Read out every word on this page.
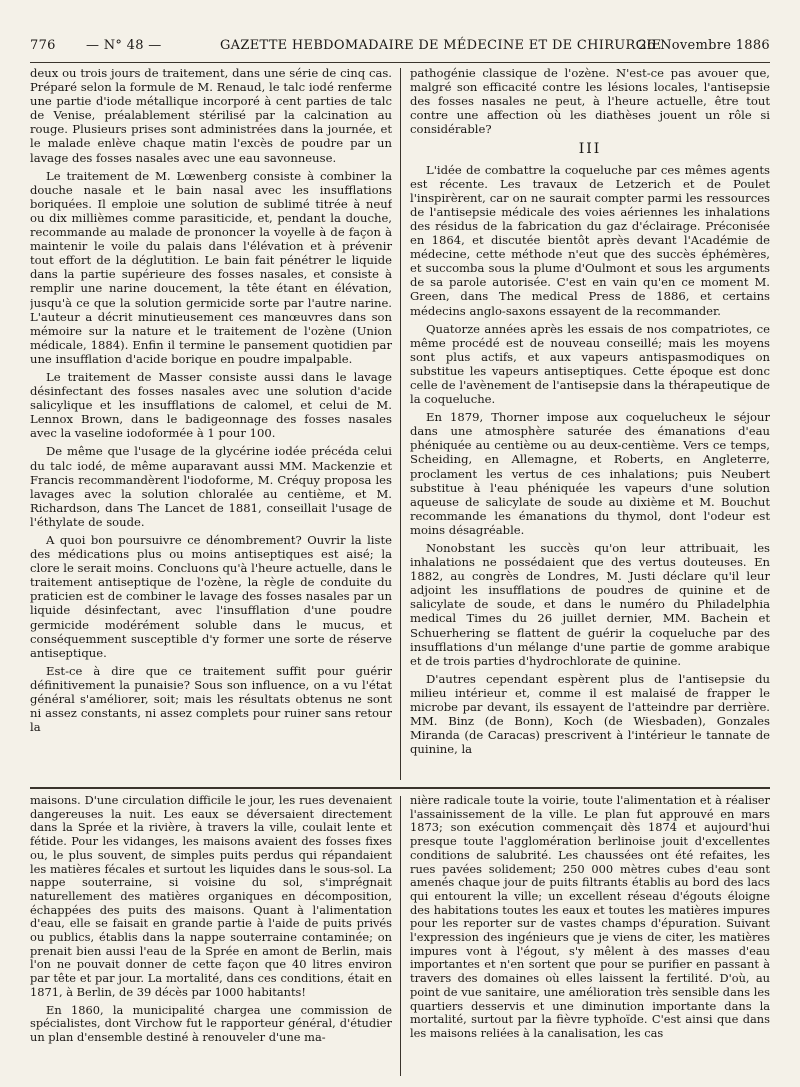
776 — N° 48 —	GAZETTE HEBDOMADAIRE DE MÉDECINE ET DE CHIRURGIE
26 Novembre 1886

deux ou trois jours de traitement, dans une série de cinq cas. Préparé selon la formule de M. Renaud, le talc iodé renferme une partie d'iode métallique incorporé à cent parties de talc de Venise, préalablement stérilisé par la calcination au rouge. Plusieurs prises sont administrées dans la journée, et le malade enlève chaque matin l'excès de poudre par un lavage des fosses nasales avec une eau savonneuse.

Le traitement de M. Lœwenberg consiste à combiner la douche nasale et le bain nasal avec les insufflations boriquées. Il emploie une solution de sublimé titrée à neuf ou dix millièmes comme parasiticide, et, pendant la douche, recommande au malade de prononcer la voyelle à de façon à maintenir le voile du palais dans l'élévation et à prévenir tout effort de la déglutition. Le bain fait pénétrer le liquide dans la partie supérieure des fosses nasales, et consiste à remplir une narine doucement, la tête étant en élévation, jusqu'à ce que la solution germicide sorte par l'autre narine. L'auteur a décrit minutieusement ces manœuvres dans son mémoire sur la nature et le traitement de l'ozène (Union médicale, 1884). Enfin il termine le pansement quotidien par une insufflation d'acide borique en poudre impalpable.

Le traitement de Masser consiste aussi dans le lavage désinfectant des fosses nasales avec une solution d'acide salicylique et les insufflations de calomel, et celui de M. Lennox Brown, dans le badigeonnage des fosses nasales avec la vaseline iodoformée à 1 pour 100.

De même que l'usage de la glycérine iodée précéda celui du talc iodé, de même auparavant aussi MM. Mackenzie et Francis recommandèrent l'iodoforme, M. Créquy proposa les lavages avec la solution chloralée au centième, et M. Richardson, dans The Lancet de 1881, conseillait l'usage de l'éthylate de soude.

A quoi bon poursuivre ce dénombrement? Ouvrir la liste des médications plus ou moins antiseptiques est aisé; la clore le serait moins. Concluons qu'à l'heure actuelle, dans le traitement antiseptique de l'ozène, la règle de conduite du praticien est de combiner le lavage des fosses nasales par un liquide désinfectant, avec l'insufflation d'une poudre germicide modérément soluble dans le mucus, et conséquemment susceptible d'y former une sorte de réserve antiseptique.

Est-ce à dire que ce traitement suffit pour guérir définitivement la punaisie? Sous son influence, on a vu l'état général s'améliorer, soit; mais les résultats obtenus ne sont ni assez constants, ni assez complets pour ruiner sans retour la

pathogénie classique de l'ozène. N'est-ce pas avouer que, malgré son efficacité contre les lésions locales, l'antisepsie des fosses nasales ne peut, à l'heure actuelle, être tout contre une affection où les diathèses jouent un rôle si considérable?

III

L'idée de combattre la coqueluche par ces mêmes agents est récente. Les travaux de Letzerich et de Poulet l'inspirèrent, car on ne saurait compter parmi les ressources de l'antisepsie médicale des voies aériennes les inhalations des résidus de la fabrication du gaz d'éclairage. Préconisée en 1864, et discutée bientôt après devant l'Académie de médecine, cette méthode n'eut que des succès éphémères, et succomba sous la plume d'Oulmont et sous les arguments de sa parole autorisée. C'est en vain qu'en ce moment M. Green, dans The medical Press de 1886, et certains médecins anglo-saxons essayent de la recommander.

Quatorze années après les essais de nos compatriotes, ce même procédé est de nouveau conseillé; mais les moyens sont plus actifs, et aux vapeurs antispasmodiques on substitue les vapeurs antiseptiques. Cette époque est donc celle de l'avènement de l'antisepsie dans la thérapeutique de la coqueluche.

En 1879, Thorner impose aux coquelucheux le séjour dans une atmosphère saturée des émanations d'eau phéniquée au centième ou au deux-centième. Vers ce temps, Scheiding, en Allemagne, et Roberts, en Angleterre, proclament les vertus de ces inhalations; puis Neubert substitue à l'eau phéniquée les vapeurs d'une solution aqueuse de salicylate de soude au dixième et M. Bouchut recommande les émanations du thymol, dont l'odeur est moins désagréable.

Nonobstant les succès qu'on leur attribuait, les inhalations ne possédaient que des vertus douteuses. En 1882, au congrès de Londres, M. Justi déclare qu'il leur adjoint les insufflations de poudres de quinine et de salicylate de soude, et dans le numéro du Philadelphia medical Times du 26 juillet dernier, MM. Bachein et Schuerhering se flattent de guérir la coqueluche par des insufflations d'un mélange d'une partie de gomme arabique et de trois parties d'hydrochlorate de quinine.

D'autres cependant espèrent plus de l'antisepsie du milieu intérieur et, comme il est malaisé de frapper le microbe par devant, ils essayent de l'atteindre par derrière. MM. Binz (de Bonn), Koch (de Wiesbaden), Gonzales Miranda (de Caracas) prescrivent à l'intérieur le tannate de quinine, la

maisons. D'une circulation difficile le jour, les rues devenaient dangereuses la nuit. Les eaux se déversaient directement dans la Sprée et la rivière, à travers la ville, coulait lente et fétide. Pour les vidanges, les maisons avaient des fosses fixes ou, le plus souvent, de simples puits perdus qui répandaient les matières fécales et surtout les liquides dans le sous-sol. La nappe souterraine, si voisine du sol, s'imprégnait naturellement des matières organiques en décomposition, échappées des puits des maisons. Quant à l'alimentation d'eau, elle se faisait en grande partie à l'aide de puits privés ou publics, établis dans la nappe souterraine contaminée; on prenait bien aussi l'eau de la Sprée en amont de Berlin, mais l'on ne pouvait donner de cette façon que 40 litres environ par tête et par jour. La mortalité, dans ces conditions, était en 1871, à Berlin, de 39 décès par 1000 habitants!

En 1860, la municipalité chargea une commission de spécialistes, dont Virchow fut le rapporteur général, d'étudier un plan d'ensemble destiné à renouveler d'une ma-

nière radicale toute la voirie, toute l'alimentation et à réaliser l'assainissement de la ville. Le plan fut approuvé en mars 1873; son exécution commençait dès 1874 et aujourd'hui presque toute l'agglomération berlinoise jouit d'excellentes conditions de salubrité. Les chaussées ont été refaites, les rues pavées solidement; 250 000 mètres cubes d'eau sont amenés chaque jour de puits filtrants établis au bord des lacs qui entourent la ville; un excellent réseau d'égouts éloigne des habitations toutes les eaux et toutes les matières impures pour les reporter sur de vastes champs d'épuration. Suivant l'expression des ingénieurs que je viens de citer, les matières impures vont à l'égout, s'y mêlent à des masses d'eau importantes et n'en sortent que pour se purifier en passant à travers des domaines où elles laissent la fertilité. D'où, au point de vue sanitaire, une amélioration très sensible dans les quartiers desservis et une diminution importante dans la mortalité, surtout par la fièvre typhoïde. C'est ainsi que dans les maisons reliées à la canalisation, les cas
